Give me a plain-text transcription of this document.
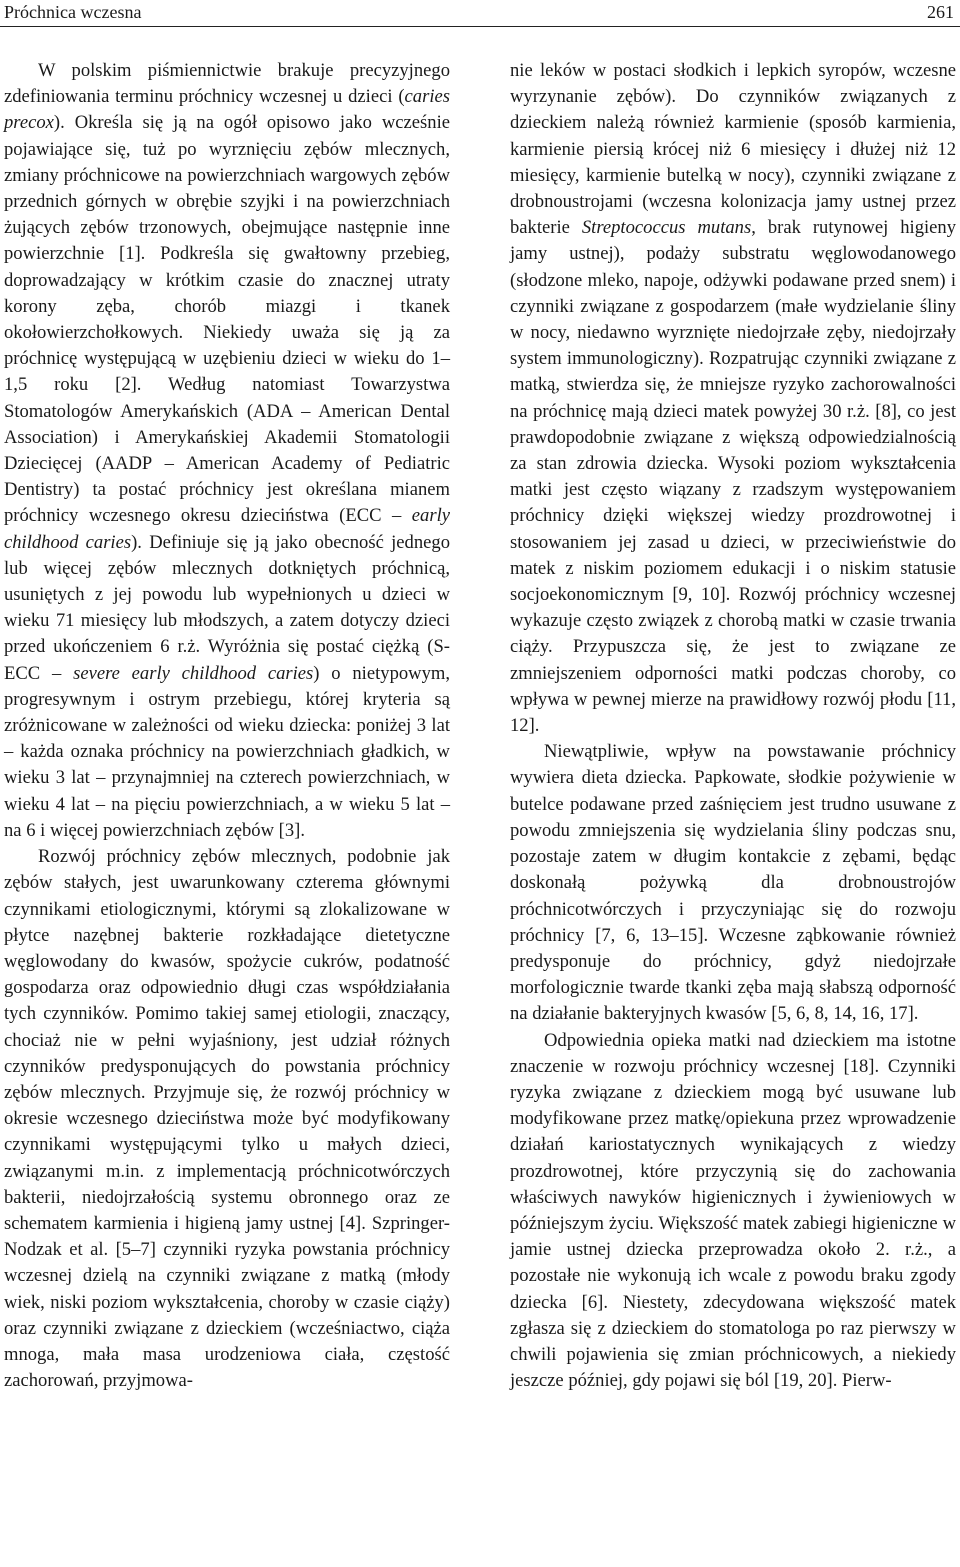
Próchnica wczesna	261

W polskim piśmiennictwie brakuje precyzyjnego zdefiniowania terminu próchnicy wczesnej u dzieci (caries precox). Określa się ją na ogół opisowo jako wcześnie pojawiające się, tuż po wyrznięciu zębów mlecznych, zmiany próchnicowe na powierzchniach wargowych zębów przednich górnych w obrębie szyjki i na powierzchniach żujących zębów trzonowych, obejmujące następnie inne powierzchnie [1]. Podkreśla się gwałtowny przebieg, doprowadzający w krótkim czasie do znacznej utraty korony zęba, chorób miazgi i tkanek okołowierzchołkowych. Niekiedy uważa się ją za próchnicę występującą w uzębieniu dzieci w wieku do 1–1,5 roku [2]. Według natomiast Towarzystwa Stomatologów Amerykańskich (ADA – American Dental Association) i Amerykańskiej Akademii Stomatologii Dziecięcej (AADP – American Academy of Pediatric Dentistry) ta postać próchnicy jest określana mianem próchnicy wczesnego okresu dzieciństwa (ECC – early childhood caries). Definiuje się ją jako obecność jednego lub więcej zębów mlecznych dotkniętych próchnicą, usuniętych z jej powodu lub wypełnionych u dzieci w wieku 71 miesięcy lub młodszych, a zatem dotyczy dzieci przed ukończeniem 6 r.ż. Wyróżnia się postać ciężką (S-ECC – severe early childhood caries) o nietypowym, progresywnym i ostrym przebiegu, której kryteria są zróżnicowane w zależności od wieku dziecka: poniżej 3 lat – każda oznaka próchnicy na powierzchniach gładkich, w wieku 3 lat – przynajmniej na czterech powierzchniach, w wieku 4 lat – na pięciu powierzchniach, a w wieku 5 lat – na 6 i więcej powierzchniach zębów [3].

Rozwój próchnicy zębów mlecznych, podobnie jak zębów stałych, jest uwarunkowany czterema głównymi czynnikami etiologicznymi, którymi są zlokalizowane w płytce nazębnej bakterie rozkładające dietetyczne węglowodany do kwasów, spożycie cukrów, podatność gospodarza oraz odpowiednio długi czas współdziałania tych czynników. Pomimo takiej samej etiologii, znaczący, chociaż nie w pełni wyjaśniony, jest udział różnych czynników predysponujących do powstania próchnicy zębów mlecznych. Przyjmuje się, że rozwój próchnicy w okresie wczesnego dzieciństwa może być modyfikowany czynnikami występującymi tylko u małych dzieci, związanymi m.in. z implementacją próchnicotwórczych bakterii, niedojrzałością systemu obronnego oraz ze schematem karmienia i higieną jamy ustnej [4]. Szpringer-Nodzak et al. [5–7] czynniki ryzyka powstania próchnicy wczesnej dzielą na czynniki związane z matką (młody wiek, niski poziom wykształcenia, choroby w czasie ciąży) oraz czynniki związane z dzieckiem (wcześniactwo, ciąża mnoga, mała masa urodzeniowa ciała, częstość zachorowań, przyjmowa-

nie leków w postaci słodkich i lepkich syropów, wczesne wyrzynanie zębów). Do czynników związanych z dzieckiem należą również karmienie (sposób karmienia, karmienie piersią krócej niż 6 miesięcy i dłużej niż 12 miesięcy, karmienie butelką w nocy), czynniki związane z drobnoustrojami (wczesna kolonizacja jamy ustnej przez bakterie Streptococcus mutans, brak rutynowej higieny jamy ustnej), podaży substratu węglowodanowego (słodzone mleko, napoje, odżywki podawane przed snem) i czynniki związane z gospodarzem (małe wydzielanie śliny w nocy, niedawno wyrznięte niedojrzałe zęby, niedojrzały system immunologiczny). Rozpatrując czynniki związane z matką, stwierdza się, że mniejsze ryzyko zachorowalności na próchnicę mają dzieci matek powyżej 30 r.ż. [8], co jest prawdopodobnie związane z większą odpowiedzialnością za stan zdrowia dziecka. Wysoki poziom wykształcenia matki jest często wiązany z rzadszym występowaniem próchnicy dzięki większej wiedzy prozdrowotnej i stosowaniem jej zasad u dzieci, w przeciwieństwie do matek z niskim poziomem edukacji i o niskim statusie socjoekonomicznym [9, 10]. Rozwój próchnicy wczesnej wykazuje często związek z chorobą matki w czasie trwania ciąży. Przypuszcza się, że jest to związane ze zmniejszeniem odporności matki podczas choroby, co wpływa w pewnej mierze na prawidłowy rozwój płodu [11, 12].

Niewątpliwie, wpływ na powstawanie próchnicy wywiera dieta dziecka. Papkowate, słodkie pożywienie w butelce podawane przed zaśnięciem jest trudno usuwane z powodu zmniejszenia się wydzielania śliny podczas snu, pozostaje zatem w długim kontakcie z zębami, będąc doskonałą pożywką dla drobnoustrojów próchnicotwórczych i przyczyniając się do rozwoju próchnicy [7, 6, 13–15]. Wczesne ząbkowanie również predysponuje do próchnicy, gdyż niedojrzałe morfologicznie twarde tkanki zęba mają słabszą odporność na działanie bakteryjnych kwasów [5, 6, 8, 14, 16, 17].

Odpowiednia opieka matki nad dzieckiem ma istotne znaczenie w rozwoju próchnicy wczesnej [18]. Czynniki ryzyka związane z dzieckiem mogą być usuwane lub modyfikowane przez matkę/opiekuna przez wprowadzenie działań kariostatycznych wynikających z wiedzy prozdrowotnej, które przyczynią się do zachowania właściwych nawyków higienicznych i żywieniowych w późniejszym życiu. Większość matek zabiegi higieniczne w jamie ustnej dziecka przeprowadza około 2. r.ż., a pozostałe nie wykonują ich wcale z powodu braku zgody dziecka [6]. Niestety, zdecydowana większość matek zgłasza się z dzieckiem do stomatologa po raz pierwszy w chwili pojawienia się zmian próchnicowych, a niekiedy jeszcze później, gdy pojawi się ból [19, 20]. Pierw-
